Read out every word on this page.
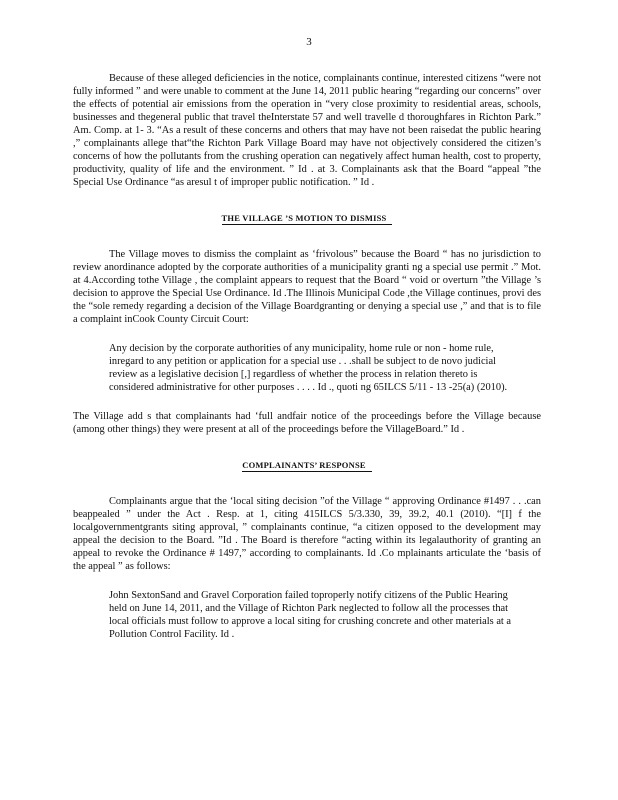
3

Because of these alleged deficiencies in the notice, complainants continue, interested citizens “were not fully informed ” and were unable to comment at the June 14, 2011 public hearing “regarding our concerns” over the effects of potential air emissions from the operation in “very close proximity to residential areas, schools, businesses and thegeneral public that travel theInterstate 57 and well travelle d thoroughfares in Richton Park.” Am. Comp. at 1- 3. “As a result of these concerns and others that may have not been raisedat the public hearing ,” complainants allege that“the Richton Park Village Board may have not objectively considered the citizen’s concerns of how the pollutants from the crushing operation can negatively affect human health, cost to property, productivity, quality of life and the environment. ” Id . at 3. Complainants ask that the Board “appeal ”the Special Use Ordinance “as aresul t of improper public notification. ” Id .

THE VILLAGE ’S MOTION TO DISMISS

The Village moves to dismiss the complaint as ‘frivolous” because the Board “ has no jurisdiction to review anordinance adopted by the corporate authorities of a municipality granti ng a special use permit .” Mot. at 4.According tothe Village , the complaint appears to request that the Board “ void or overturn ”the Village ’s decision to approve the Special Use Ordinance. Id .The Illinois Municipal Code ,the Village continues, provi des the “sole remedy regarding a decision of the Village Boardgranting or denying a special use ,” and that is to file a complaint inCook County Circuit Court:

Any decision by the corporate authorities of any municipality, home rule or non - home rule, inregard to any petition or application for a special use . . .shall be subject to de novo judicial review as a legislative decision [,] regardless of whether the process in relation thereto is considered administrative for other purposes . . . . Id ., quoti ng 65ILCS 5/11 - 13 -25(a) (2010).

The Village add s that complainants had ‘full andfair notice of the proceedings before the Village because (among other things) they were present at all of the proceedings before the VillageBoard.” Id .

COMPLAINANTS’ RESPONSE

Complainants argue that the ‘local siting decision ”of the Village “ approving Ordinance #1497 . . .can beappealed ” under the Act . Resp. at 1, citing 415ILCS 5/3.330, 39, 39.2, 40.1 (2010). “[I] f the localgovernmentgrants siting approval, ” complainants continue, “a citizen opposed to the development may appeal the decision to the Board. ”Id . The Board is therefore “acting within its legalauthority of granting an appeal to revoke the Ordinance # 1497,” according to complainants. Id .Co mplainants articulate the ‘basis of the appeal ” as follows:

John SextonSand and Gravel Corporation failed toproperly notify citizens of the Public Hearing held on June 14, 2011, and the Village of Richton Park neglected to follow all the processes that local officials must follow to approve a local siting for crushing concrete and other materials at a Pollution Control Facility. Id .
